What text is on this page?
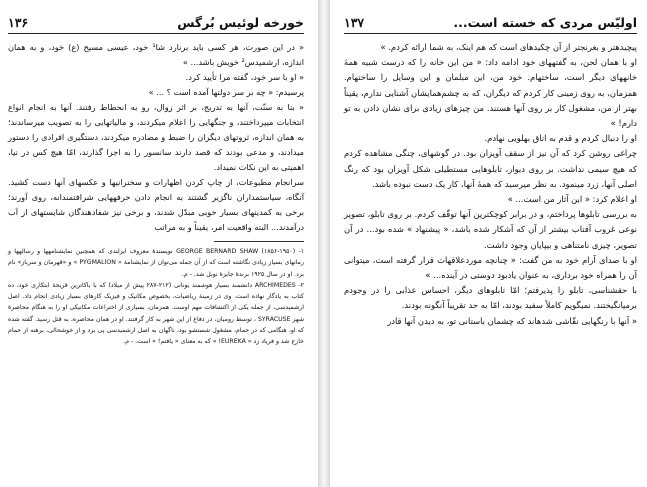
خورخه لوئیس بُرگس
۱۳۶

« در این صورت، هر کسی باید برنارد شا¹ خود، عیسی مسیح (ع) خود، و به همان اندازه، ارشمیدس² خویش باشد... »

« او با سر خود، گفته مرا تأیید کرد.

پرسیدم: « چه بر سر دولتها آمده است ؟ ... »

« بنا به سنّت، آنها به تدریج، بر اثر زوال، رو به انحطاط رفتند. آنها به انجام انواع انتخابات میپرداختند، و جنگهایی را اعلام میکردند، و مالیاتهایی را به تصویب میرساندند؛ به همان اندازه، ثروتهای دیگران را ضبط و مصادره میکردند، دستگیری افرادی را دستور میدادند، و مدعی بودند که قصد دارند سانسور را به اجرا گذارند، امّا هیچ کس در نیا، اهمیتی به این نکات نمیداد.

سرانجام مطبوعات، از چاپ کردن اظهارات و سخنرانیها و عکسهای آنها دست کشید. آنگاه، سیاستمداران ناگزیر گشتند به انجام دادن حرفههایی شرافتمندانه، روی آورند؛ برخی به کمدینهای بسیار خوبی مبدّل شدند، و برخی نیز شفادهندگان شایستهای از آب درآمدند... البته واقعیت امر، یقیناً و به مراتب

۱- GEORGE BERNARD SHAW (۱۸۵۶-۱۹۵۰) نویسندهٔ معروف ایرلندی که همچنین نمایشنامهها و رسالهها و رمانهای بسیار زیادی نگاشته است که از آن جمله می‌توان از نمایشنامهٔ « PYGMALION » و «قهرمان و سرباز» نام برد. او در سال ۱۹۲۵ برندهٔ جایزهٔ نوبل شد. - م.

۲- ARCHIMEDES دانشمند بسیار هوشمند یونانی (۲۱۲-۲۸۷ پیش از میلاد) که با باکاترین قریحهٔ ابتکاری خود، ده کتاب به یادگار نهاده است. وی در زمینهٔ ریاضیات، بخصوص مکانیک و فیزیک کارهای بسیار زیادی انجام داد. اصل ارشمیدسی، از جمله یکی از اکتشافات مهم اوست. همزمان، بسیاری از اختراعات مکانیکی او را به هنگام محاصرهٔ شهر SYRACUSE ، توسط رومیان، در دفاع از این شهر به کار گرفتند. او در همان محاصره، به قتل رسید. گفته شده که او، هنگامی که در حمام، مشغول شستشو بود، ناگهان به اصل ارشمیدسی پی برد و از خوشحالی، برهنه از حمام خارج شد و فریاد زد « EUREKA! » که به معنای « یافتم! » است. - م.

اولیّس مردی که خسته است...
۱۳۷

پیچیدهتر و بغرنجتر از آن چکیدهای است که هم اینک، به شما ارائه کردم. »

او با همان لحن، به گفتههای خود ادامه داد: « من این خانه را که درست شبیه همهٔ خانههای دیگر است، ساختهام. خود من، این مبلمان و این وسایل را ساختهام. همزمان، به روی زمینی کار کردم که دیگران، که به چشم‌همایشان آشنایی ندارم، یقیناً بهتر از من، مشغول کار بر روی آنها هستند. من چیزهای زیادی برای نشان دادن به تو دارم! »

او را دنبال کردم و قدم به اتاق بهلویی نهادم.

چراغی روشن کرد که آن نیز از سقف آویزان بود. در گوشهای، چنگی مشاهده کردم که هیچ سیمی نداشت. بر روی دیوار، تابلوهایی مستطیلی شکل آویزان بود که رنگ اصلی آنها، زرد مینمود. به نظر میرسید که همهٔ آنها، کار یک دست نبوده باشد.

او اعلام کرد: « این آثار من است... »

به بررسی تابلوها پرداختم، و در برابر کوچکترین آنها توقّف کردم. بر روی تابلو، تصویر نوعی غروب آفتاب بیشتر از آن که آشکار شده باشد، « پیشنهاد » شده بود... در آن تصویر، چیزی نامتناهی و بیپایان وجود داشت.

او با صدای آرام خود به من گفت: « چنانچه موردعلاقهات قرار گرفته است، میتوانی آن را همراه خود برداری، به عنوان یادبود دوستی در آینده... »

با حقشناسی، تابلو را پذیرفتم؛ امّا تابلوهای دیگر، احساس عذابی را در وجودم برمیانگیختند. نمیگویم کاملاً سفید بودند، امّا به حد تقریباً آنگونه بودند.

« آنها با رنگهایی نقّاشی شدهاند که چشمان باستانی تو، به دیدن آنها قادر
